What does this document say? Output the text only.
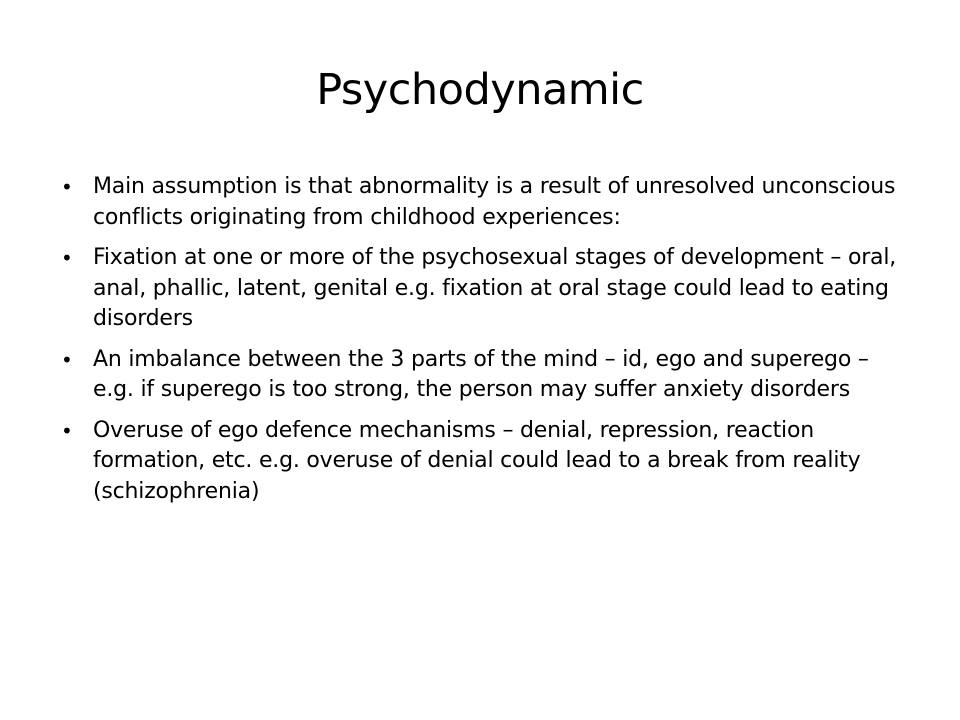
Psychodynamic
• Main assumption is that abnormality is a result of unresolved unconscious conflicts originating from childhood experiences:
• Fixation at one or more of the psychosexual stages of development – oral, anal, phallic, latent, genital e.g. fixation at oral stage could lead to eating disorders
• An imbalance between the 3 parts of the mind – id, ego and superego – e.g. if superego is too strong, the person may suffer anxiety disorders
• Overuse of ego defence mechanisms – denial, repression, reaction formation, etc. e.g. overuse of denial could lead to a break from reality (schizophrenia)
